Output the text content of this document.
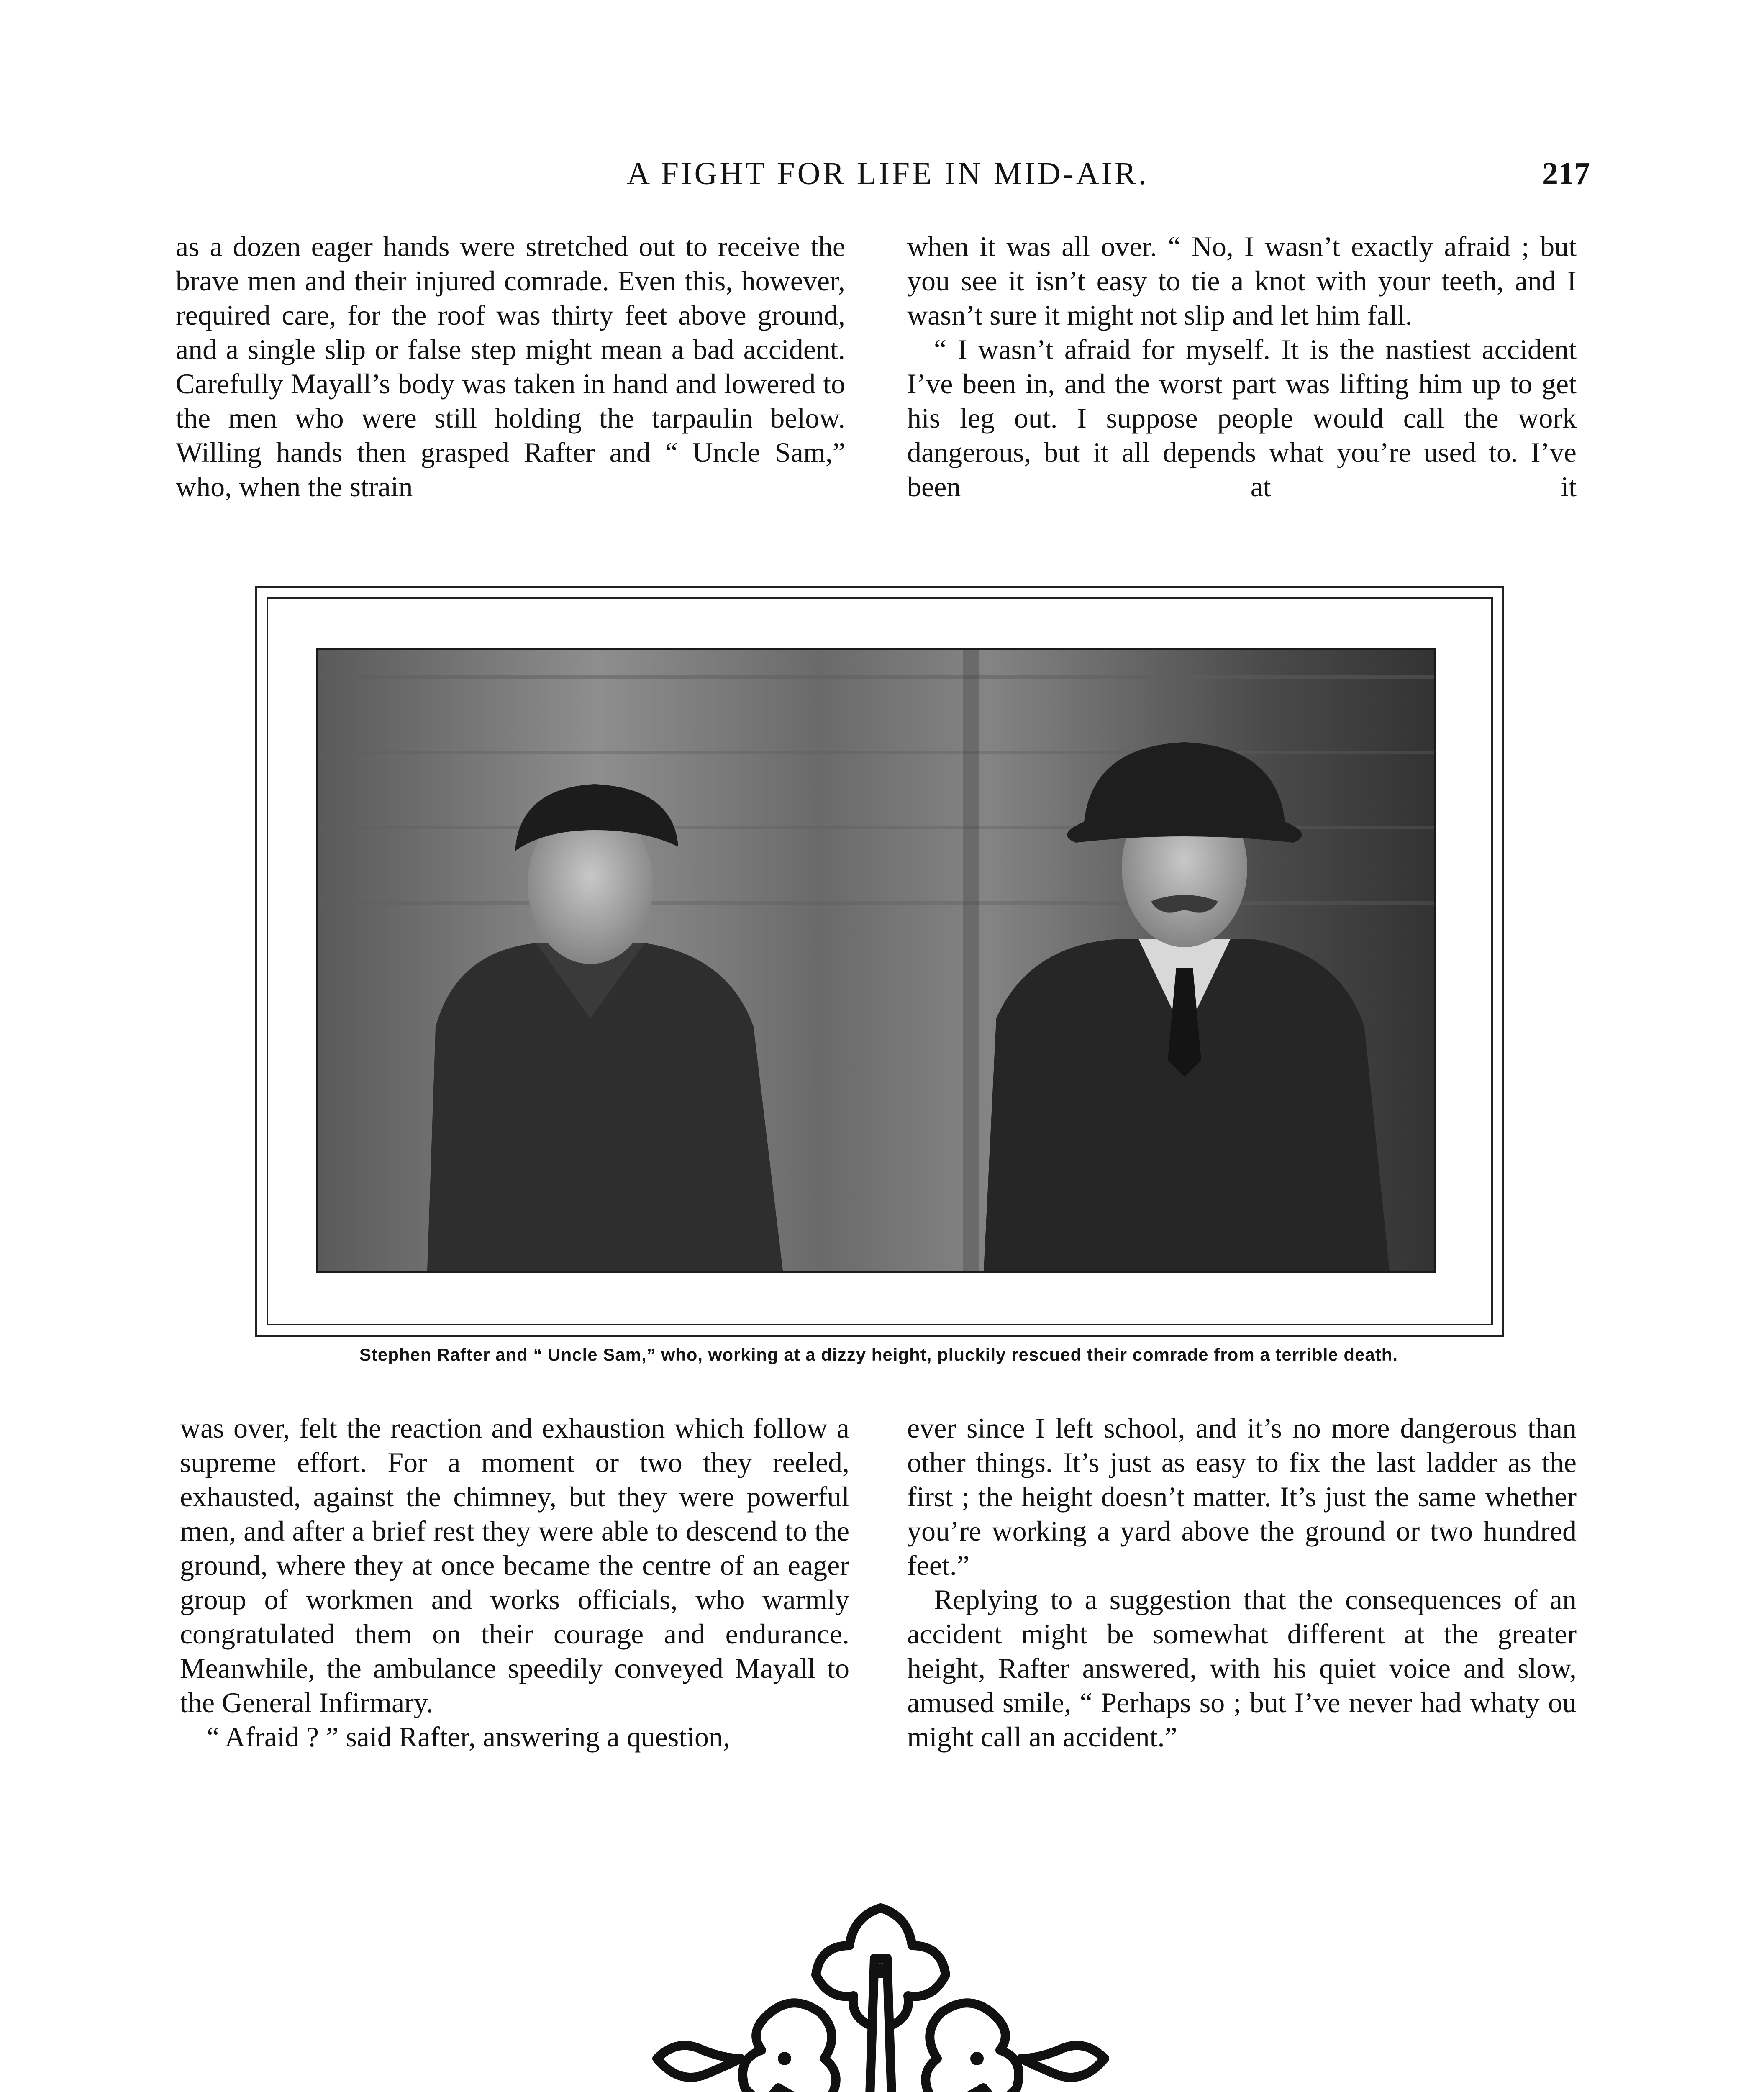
A FIGHT FOR LIFE IN MID-AIR.	217

as a dozen eager hands were stretched out to receive the brave men and their injured comrade. Even this, however, required care, for the roof was thirty feet above ground, and a single slip or false step might mean a bad accident. Carefully Mayall’s body was taken in hand and lowered to the men who were still holding the tarpaulin below. Willing hands then grasped Rafter and “ Uncle Sam,” who, when the strain

when it was all over. “ No, I wasn’t exactly afraid ; but you see it isn’t easy to tie a knot with your teeth, and I wasn’t sure it might not slip and let him fall.

“ I wasn’t afraid for myself. It is the nastiest accident I’ve been in, and the worst part was lifting him up to get his leg out. I suppose people would call the work dangerous, but it all depends what you’re used to. I’ve been at it

Stephen Rafter and “ Uncle Sam,” who, working at a dizzy height, pluckily rescued their comrade from a terrible death.

was over, felt the reaction and exhaustion which follow a supreme effort. For a moment or two they reeled, exhausted, against the chimney, but they were powerful men, and after a brief rest they were able to descend to the ground, where they at once became the centre of an eager group of workmen and works officials, who warmly congratulated them on their courage and endurance. Meanwhile, the ambulance speedily conveyed Mayall to the General Infirmary.

“ Afraid ? ” said Rafter, answering a question,

ever since I left school, and it’s no more dangerous than other things. It’s just as easy to fix the last ladder as the first ; the height doesn’t matter. It’s just the same whether you’re working a yard above the ground or two hundred feet.”

Replying to a suggestion that the consequences of an accident might be somewhat different at the greater height, Rafter answered, with his quiet voice and slow, amused smile, “ Perhaps so ; but I’ve never had whaty ou might call an accident.”
